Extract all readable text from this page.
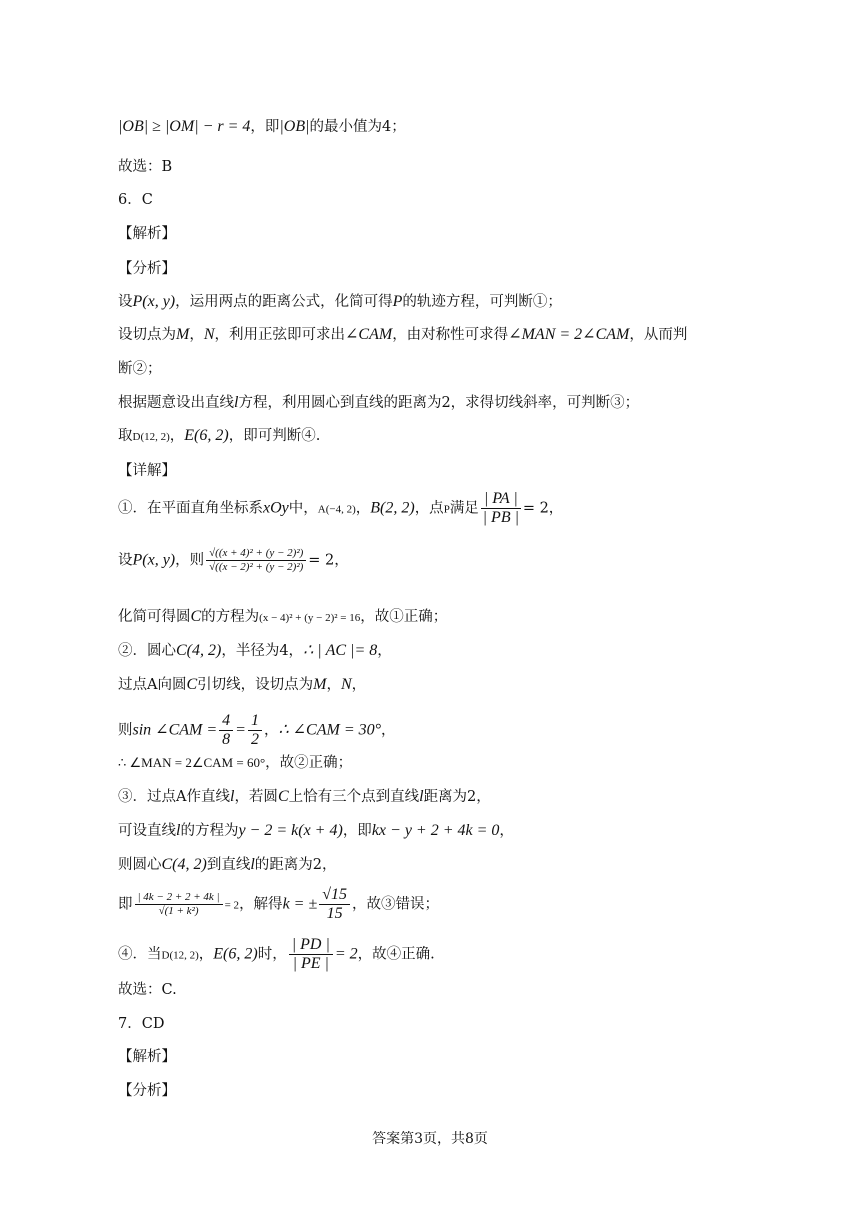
|OB| ≥ |OM| − r = 4，即|OB|的最小值为4；
故选：B
6．C
【解析】
【分析】
设P(x, y)，运用两点的距离公式，化简可得P的轨迹方程，可判断①；
设切点为M，N，利用正弦即可求出∠CAM，由对称性可求得∠MAN = 2∠CAM，从而判
断②；
根据题意设出直线l方程，利用圆心到直线的距离为2，求得切线斜率，可判断③；
取D(12, 2)，E(6, 2)，即可判断④.
【详解】
①．在平面直角坐标系xOy中，A(−4, 2)，B(2, 2)，点P满足 $\frac{| PA |}{| PB |} = 2$，
设P(x, y)，则 $\frac{\text{√((x + 4)² + (y − 2)²)}}{\text{√((x − 2)² + (y − 2)²)}} = 2$，
化简可得圆C的方程为(x − 4)² + (y − 2)² = 16，故①正确；
②．圆心C(4, 2)，半径为4，∴ | AC |= 8，
过点A向圆C引切线，设切点为M，N，
则sin ∠CAM = $\frac{4}{8} = \frac{1}{2}$ ，∴ ∠CAM = 30°，
∴ ∠MAN = 2∠CAM = 60°，故②正确；
③．过点A作直线l，若圆C上恰有三个点到直线l距离为2，
可设直线l的方程为y − 2 = k(x + 4)，即kx − y + 2 + 4k = 0，
则圆心C(4, 2)到直线l的距离为2，
即 $\frac{| 4k - 2 + 2 + 4k |}{\text{√(1 + k²)}} = 2$，解得k = ± $\frac{√15}{15}$ ，故③错误；
④．当D(12, 2)，E(6, 2)时， $\frac{| PD |}{| PE |} = 2$，故④正确.
故选：C.
7．CD
【解析】
【分析】
答案第3页，共8页
